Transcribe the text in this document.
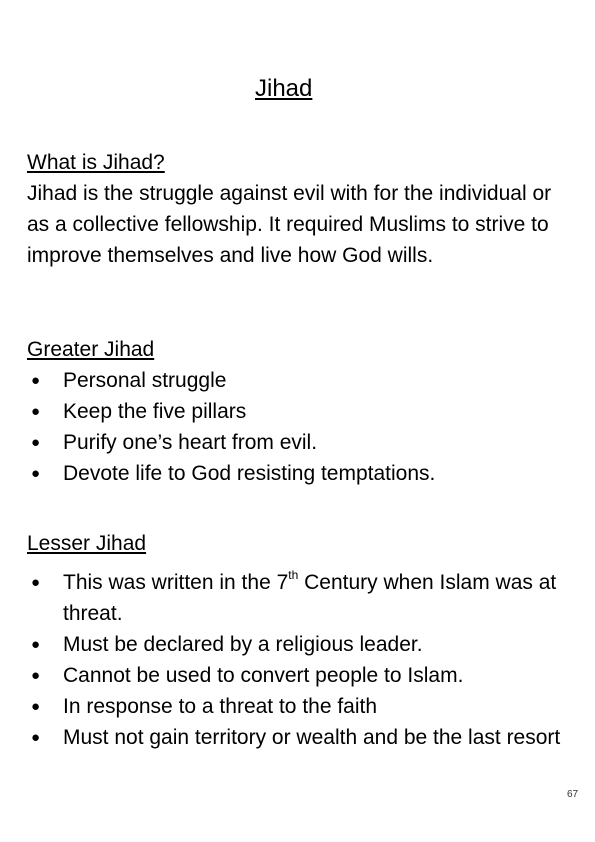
Jihad
What is Jihad?

Jihad is the struggle against evil with for the individual or as a collective fellowship. It required Muslims to strive to improve themselves and live how God wills.

Greater Jihad
● Personal struggle
● Keep the five pillars
● Purify one’s heart from evil.
● Devote life to God resisting temptations.
Lesser Jihad
● This was written in the 7th Century when Islam was at threat.
● Must be declared by a religious leader.
● Cannot be used to convert people to Islam.
● In response to a threat to the faith
● Must not gain territory or wealth and be the last resort
67
